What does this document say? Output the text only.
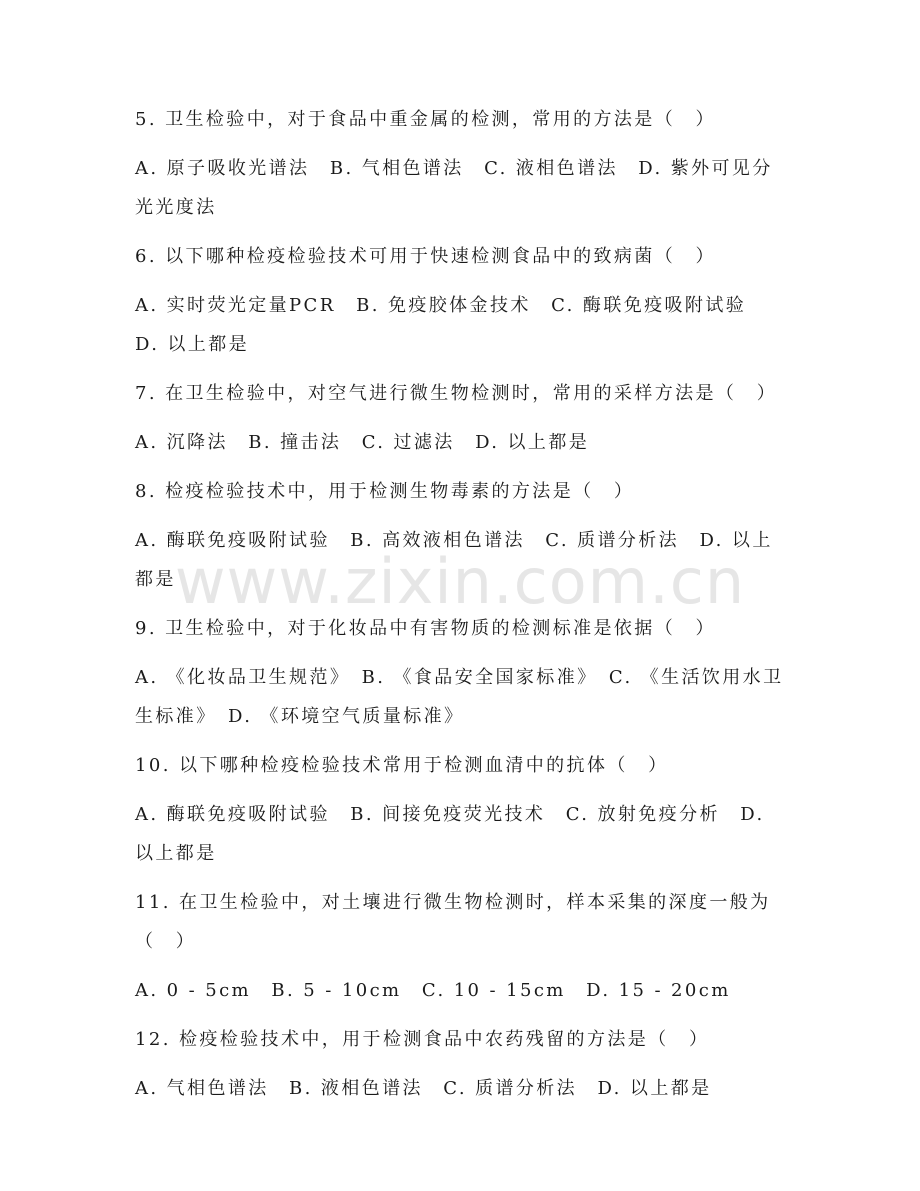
www.zixin.com.cn
5. 卫生检验中，对于食品中重金属的检测，常用的方法是（　）
A. 原子吸收光谱法　B. 气相色谱法　C. 液相色谱法　D. 紫外可见分光光度法
6. 以下哪种检疫检验技术可用于快速检测食品中的致病菌（　）
A. 实时荧光定量PCR　B. 免疫胶体金技术　C. 酶联免疫吸附试验　D. 以上都是
7. 在卫生检验中，对空气进行微生物检测时，常用的采样方法是（　）
A. 沉降法　B. 撞击法　C. 过滤法　D. 以上都是
8. 检疫检验技术中，用于检测生物毒素的方法是（　）
A. 酶联免疫吸附试验　B. 高效液相色谱法　C. 质谱分析法　D. 以上都是
9. 卫生检验中，对于化妆品中有害物质的检测标准是依据（　）
A. 《化妆品卫生规范》　B. 《食品安全国家标准》　C. 《生活饮用水卫生标准》　D. 《环境空气质量标准》
10. 以下哪种检疫检验技术常用于检测血清中的抗体（　）
A. 酶联免疫吸附试验　B. 间接免疫荧光技术　C. 放射免疫分析　D. 以上都是
11. 在卫生检验中，对土壤进行微生物检测时，样本采集的深度一般为（　）
A. 0 - 5cm　B. 5 - 10cm　C. 10 - 15cm　D. 15 - 20cm
12. 检疫检验技术中，用于检测食品中农药残留的方法是（　）
A. 气相色谱法　B. 液相色谱法　C. 质谱分析法　D. 以上都是
